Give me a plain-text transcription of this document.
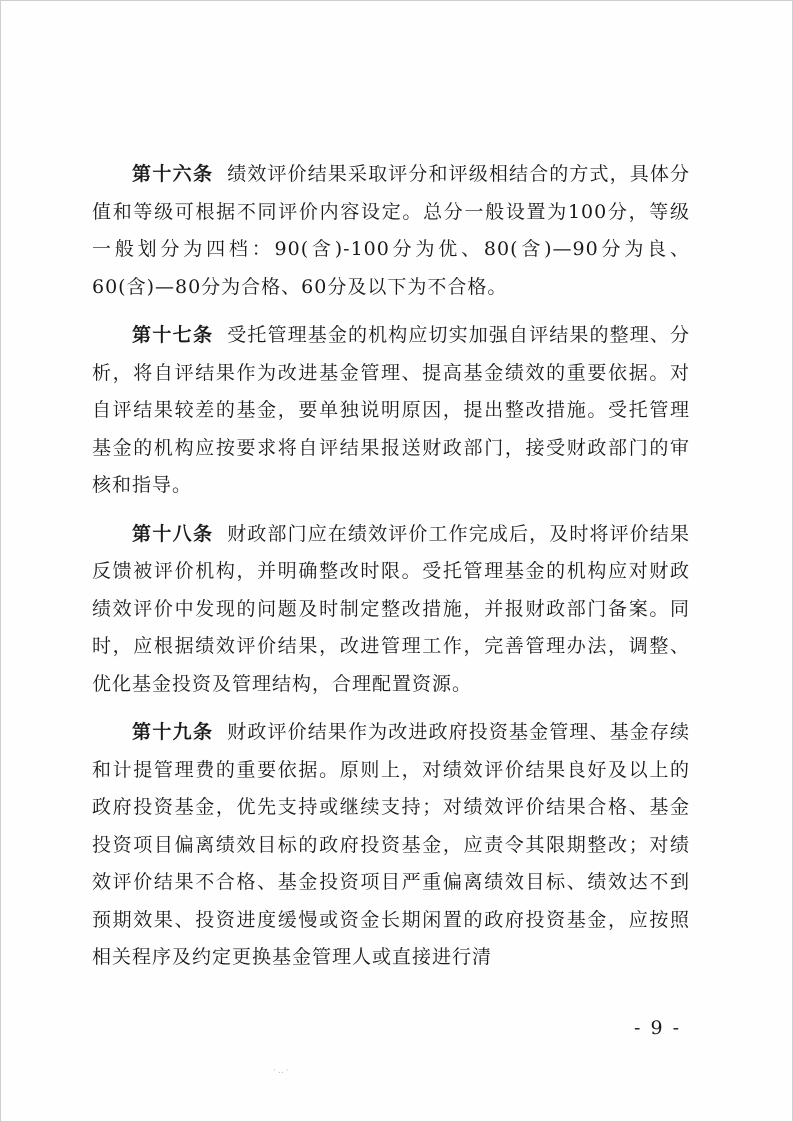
第十六条 绩效评价结果采取评分和评级相结合的方式，具体分值和等级可根据不同评价内容设定。总分一般设置为100分，等级一般划分为四档：90(含)-100分为优、80(含)—90分为良、60(含)—80分为合格、60分及以下为不合格。

第十七条 受托管理基金的机构应切实加强自评结果的整理、分析，将自评结果作为改进基金管理、提高基金绩效的重要依据。对自评结果较差的基金，要单独说明原因，提出整改措施。受托管理基金的机构应按要求将自评结果报送财政部门，接受财政部门的审核和指导。

第十八条 财政部门应在绩效评价工作完成后，及时将评价结果反馈被评价机构，并明确整改时限。受托管理基金的机构应对财政绩效评价中发现的问题及时制定整改措施，并报财政部门备案。同时，应根据绩效评价结果，改进管理工作，完善管理办法，调整、优化基金投资及管理结构，合理配置资源。

第十九条 财政评价结果作为改进政府投资基金管理、基金存续和计提管理费的重要依据。原则上，对绩效评价结果良好及以上的政府投资基金，优先支持或继续支持；对绩效评价结果合格、基金投资项目偏离绩效目标的政府投资基金，应责令其限期整改；对绩效评价结果不合格、基金投资项目严重偏离绩效目标、绩效达不到预期效果、投资进度缓慢或资金长期闲置的政府投资基金，应按照相关程序及约定更换基金管理人或直接进行清

- 9 -
·‥·
